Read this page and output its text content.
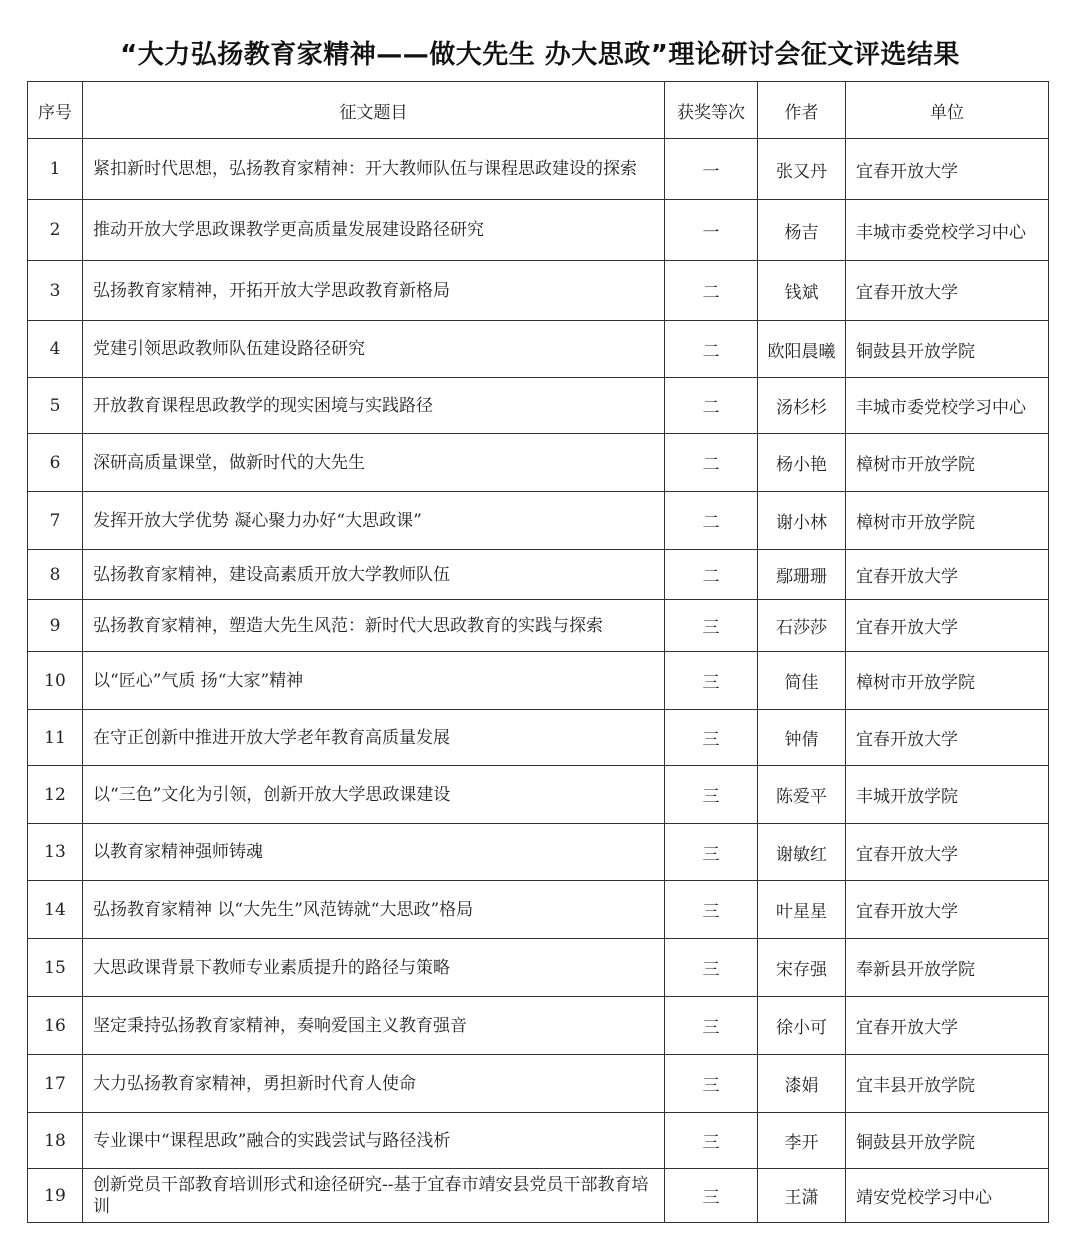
“大力弘扬教育家精神——做大先生 办大思政”理论研讨会征文评选结果
序号	征文题目	获奖等次	作者	单位
1	紧扣新时代思想，弘扬教育家精神：开大教师队伍与课程思政建设的探索	一	张又丹	宜春开放大学
2	推动开放大学思政课教学更高质量发展建设路径研究	一	杨吉	丰城市委党校学习中心
3	弘扬教育家精神，开拓开放大学思政教育新格局	二	钱斌	宜春开放大学
4	党建引领思政教师队伍建设路径研究	二	欧阳晨曦	铜鼓县开放学院
5	开放教育课程思政教学的现实困境与实践路径	二	汤杉杉	丰城市委党校学习中心
6	深研高质量课堂，做新时代的大先生	二	杨小艳	樟树市开放学院
7	发挥开放大学优势 凝心聚力办好“大思政课”	二	谢小林	樟树市开放学院
8	弘扬教育家精神，建设高素质开放大学教师队伍	二	鄢珊珊	宜春开放大学
9	弘扬教育家精神，塑造大先生风范：新时代大思政教育的实践与探索	三	石莎莎	宜春开放大学
10	以“匠心”气质 扬“大家”精神	三	简佳	樟树市开放学院
11	在守正创新中推进开放大学老年教育高质量发展	三	钟倩	宜春开放大学
12	以“三色”文化为引领，创新开放大学思政课建设	三	陈爱平	丰城开放学院
13	以教育家精神强师铸魂	三	谢敏红	宜春开放大学
14	弘扬教育家精神 以“大先生”风范铸就“大思政”格局	三	叶星星	宜春开放大学
15	大思政课背景下教师专业素质提升的路径与策略	三	宋存强	奉新县开放学院
16	坚定秉持弘扬教育家精神，奏响爱国主义教育强音	三	徐小可	宜春开放大学
17	大力弘扬教育家精神，勇担新时代育人使命	三	漆娟	宜丰县开放学院
18	专业课中“课程思政”融合的实践尝试与路径浅析	三	李开	铜鼓县开放学院
19	创新党员干部教育培训形式和途径研究--基于宜春市靖安县党员干部教育培训	三	王潇	靖安党校学习中心
